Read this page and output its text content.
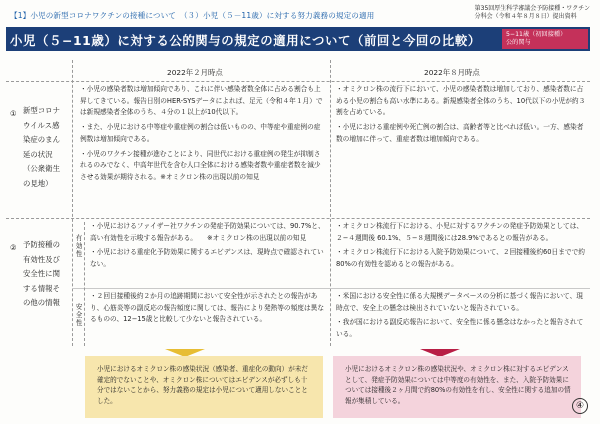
【1】小児の新型コロナワクチンの接種について　（３）小児（５－11歳）に対する努力義務の規定の適用
第35回厚生科学審議会予防接種・ワクチン
分科会（令和４年８月８日）提出資料
小児（５−11歳）に対する公的関与の規定の適用について（前回と今回の比較）	5−11歳（初回接種）
公的関与
2022年２月時点	2022年８月時点
① 新型コロナ
ウイルス感
染症のまん
延の状況
（公衆衛生
の見地）

・小児の感染者数は増加傾向であり、これに伴い感染者数全体に占める割合も上昇してきている。報告日別のHER-SYSデータによれば、足元（令和４年１月）では新規感染者全体のうち、４分の１以上が10代以下。

・また、小児における中等症や重症例の割合は低いものの、中等症や重症例の症例数は増加傾向である。

・小児のワクチン接種が進むことにより、同世代における重症例の発生が抑制されるのみでなく、中高年世代を含む人口全体における感染者数や重症者数を減少させる効果が期待される。※オミクロン株の出現以前の知見

・オミクロン株の流行下において、小児の感染者数は増加しており、感染者数に占める小児の割合も高い水準にある。新規感染者全体のうち、10代以下の小児が約３割を占めている。

・小児における重症例や死亡例の割合は、高齢者等と比べれば低い。一方、感染者数の増加に伴って、重症者数は増加傾向である。

② 予防接種の
有効性及び
安全性に関
する情報そ
の他の情報
有効性
安全性

・小児におけるファイザー社ワクチンの発症予防効果については、90.7%と、高い有効性を示唆する報告がある。　　※オミクロン株の出現以前の知見

・小児における重症化予防効果に関するエビデンスは、現時点で確認されていない。

・オミクロン株流行下における、小児に対するワクチンの発症予防効果としては、２−４週間後 60.1%、５−８週間後には28.9%であるとの報告がある。

・オミクロン株流行下における入院予防効果について、２回接種後約60日までで約80%の有効性を認めるとの報告がある。

・２回目接種後約２か月の追跡期間において安全性が示されたとの報告があり、心筋炎等の副反応の報告頻度に関しては、報告により発熱等の頻度は異なるものの、12−15歳と比較して少ないと報告されている。

・米国における安全性に係る大規模データベースの分析に基づく報告において、現時点で、安全上の懸念は検出されていないと報告されている。

・我が国における副反応報告において、安全性に係る懸念はなかったと報告されている。

小児におけるオミクロン株の感染状況（感染者、重症化の動向）が未だ確定的でないことや、オミクロン株についてはエビデンスが必ずしも十分ではないことから、努力義務の規定は小児について適用しないこととした。
小児におけるオミクロン株の感染状況や、オミクロン株に対するエビデンスとして、発症予防効果については中等度の有効性を、また、入院予防効果については接種後２ヶ月間で約80%の有効性を有し、安全性に関する追加の情報が集積している。
④
